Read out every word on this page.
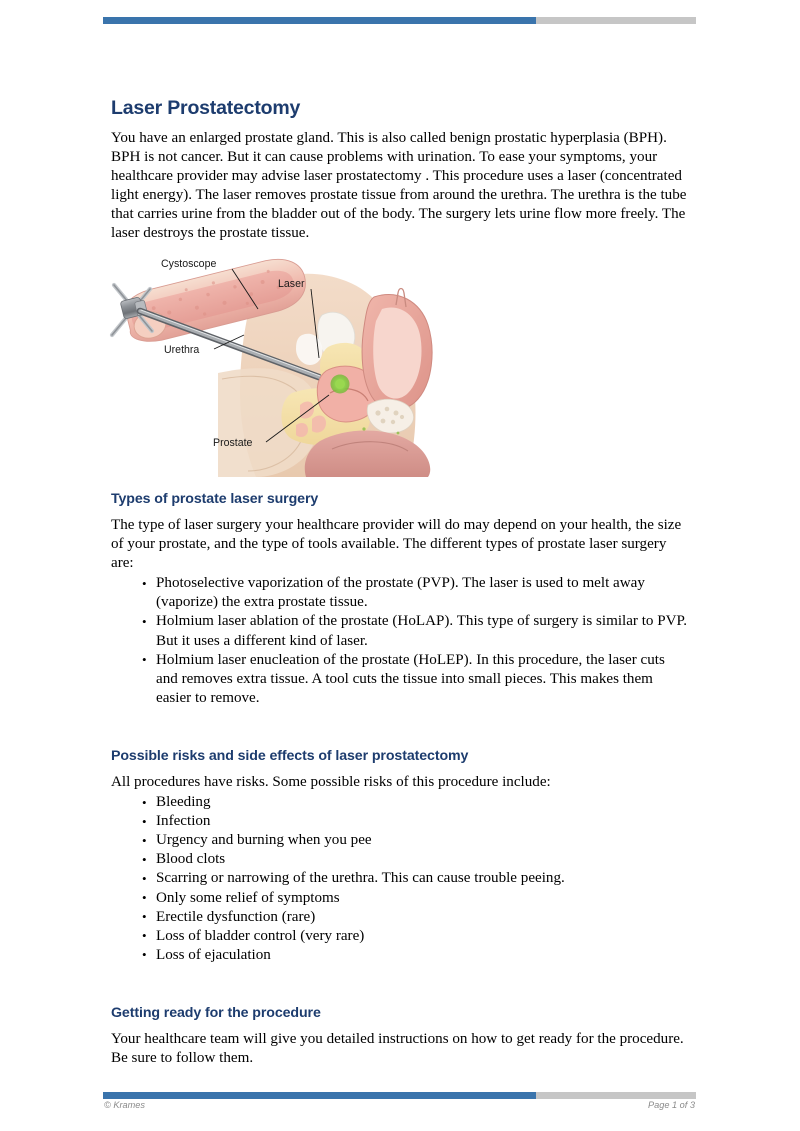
Laser Prostatectomy

You have an enlarged prostate gland. This is also called benign prostatic hyperplasia (BPH). BPH is not cancer. But it can cause problems with urination. To ease your symptoms, your healthcare provider may advise laser prostatectomy . This procedure uses a laser (concentrated light energy). The laser removes prostate tissue from around the urethra. The urethra is the tube that carries urine from the bladder out of the body. The surgery lets urine flow more freely. The laser destroys the prostate tissue.

Cystoscope
Laser
Urethra
Prostate
Types of prostate laser surgery

The type of laser surgery your healthcare provider will do may depend on your health, the size of your prostate, and the type of tools available. The different types of prostate laser surgery are:

• Photoselective vaporization of the prostate (PVP). The laser is used to melt away (vaporize) the extra prostate tissue.
• Holmium laser ablation of the prostate (HoLAP). This type of surgery is similar to PVP. But it uses a different kind of laser.
• Holmium laser enucleation of the prostate (HoLEP). In this procedure, the laser cuts and removes extra tissue. A tool cuts the tissue into small pieces. This makes them easier to remove.
Possible risks and side effects of laser prostatectomy

All procedures have risks. Some possible risks of this procedure include:

• Bleeding
• Infection
• Urgency and burning when you pee
• Blood clots
• Scarring or narrowing of the urethra. This can cause trouble peeing.
• Only some relief of symptoms
• Erectile dysfunction (rare)
• Loss of bladder control (very rare)
• Loss of ejaculation
Getting ready for the procedure

Your healthcare team will give you detailed instructions on how to get ready for the procedure. Be sure to follow them.

© Krames	Page 1 of 3
